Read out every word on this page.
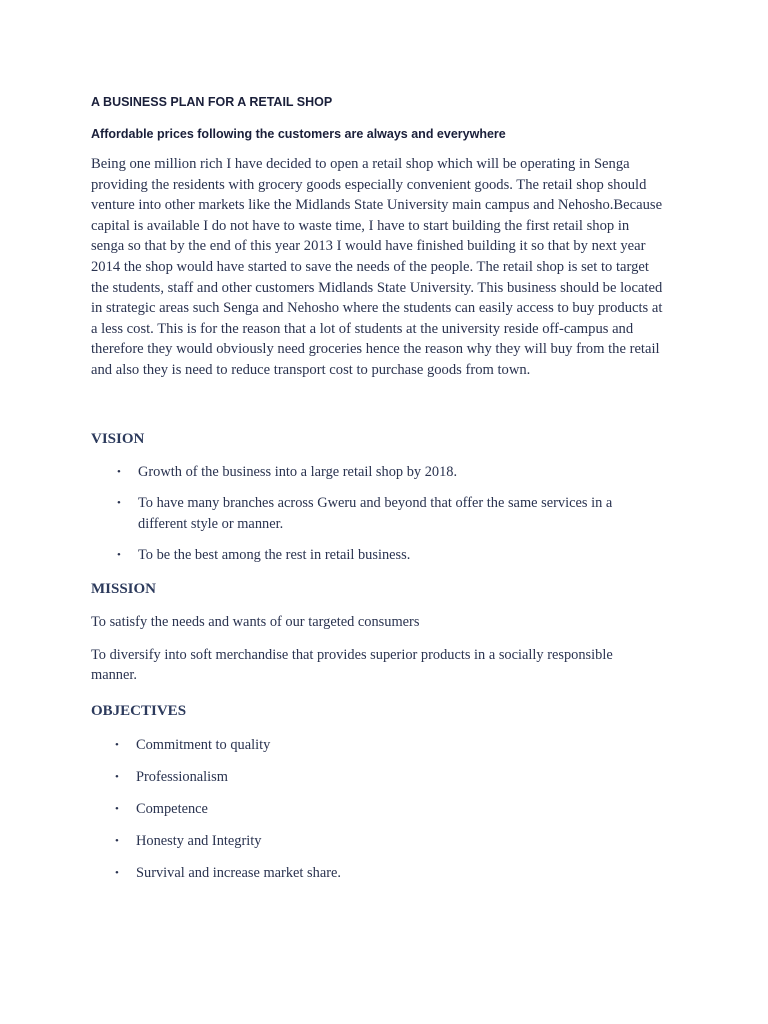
A BUSINESS PLAN FOR A RETAIL SHOP
Affordable prices following the customers are always and everywhere

Being one million rich I have decided to open a retail shop which will be operating in Senga providing the residents with grocery goods especially convenient goods. The retail shop should venture into other markets like the Midlands State University main campus and Nehosho.Because capital is available I do not have to waste time, I have to start building the first retail shop in senga so that by the end of this year 2013 I would have finished building it so that by next year 2014 the shop would have started to save the needs of the people. The retail shop is set to target the students, staff and other customers Midlands State University. This business should be located in strategic areas such Senga and Nehosho where the students can easily access to buy products at a less cost. This is for the reason that a lot of students at the university reside off-campus and therefore they would obviously need groceries hence the reason why they will buy from the retail and also they is need to reduce transport cost to purchase goods from town.

VISION
• Growth of the business into a large retail shop by 2018.
• To have many branches across Gweru and beyond that offer the same services in a different style or manner.
• To be the best among the rest in retail business.
MISSION

To satisfy the needs and wants of our targeted consumers

To diversify into soft merchandise that provides superior products in a socially responsible manner.

OBJECTIVES
• Commitment to quality
• Professionalism
• Competence
• Honesty and Integrity
• Survival and increase market share.
